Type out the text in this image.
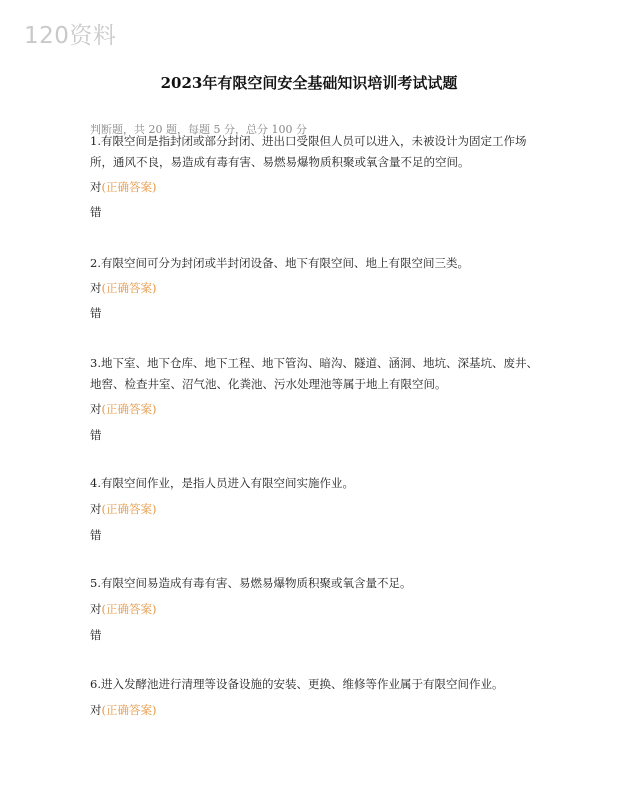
120资料
2023年有限空间安全基础知识培训考试试题
判断题，共 20 题，每题 5 分，总分 100 分

1.有限空间是指封闭或部分封闭、进出口受限但人员可以进入，未被设计为固定工作场所，通风不良，易造成有毒有害、易燃易爆物质积聚或氧含量不足的空间。

对(正确答案)
错

2.有限空间可分为封闭或半封闭设备、地下有限空间、地上有限空间三类。

对(正确答案)
错

3.地下室、地下仓库、地下工程、地下管沟、暗沟、隧道、涵洞、地坑、深基坑、废井、地窖、检查井室、沼气池、化粪池、污水处理池等属于地上有限空间。

对(正确答案)
错

4.有限空间作业，是指人员进入有限空间实施作业。

对(正确答案)
错

5.有限空间易造成有毒有害、易燃易爆物质积聚或氧含量不足。

对(正确答案)
错

6.进入发酵池进行清理等设备设施的安装、更换、维修等作业属于有限空间作业。

对(正确答案)
